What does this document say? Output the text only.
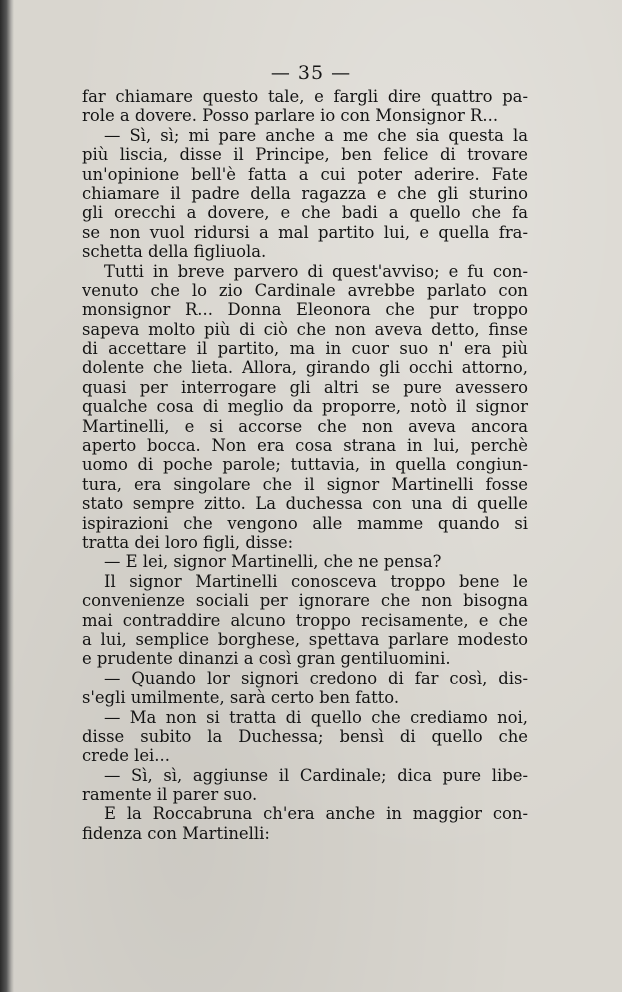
— 35 —
far chiamare questo tale, e fargli dire quattro pa-
role a dovere. Posso parlare io con Monsignor R...
— Sì, sì; mi pare anche a me che sia questa la
più liscia, disse il Principe, ben felice di trovare
un'opinione bell'è fatta a cui poter aderire. Fate
chiamare il padre della ragazza e che gli sturino
gli orecchi a dovere, e che badi a quello che fa
se non vuol ridursi a mal partito lui, e quella fra-
schetta della figliuola.
Tutti in breve parvero di quest'avviso; e fu con-
venuto che lo zio Cardinale avrebbe parlato con
monsignor R... Donna Eleonora che pur troppo
sapeva molto più di ciò che non aveva detto, finse
di accettare il partito, ma in cuor suo n' era più
dolente che lieta. Allora, girando gli occhi attorno,
quasi per interrogare gli altri se pure avessero
qualche cosa di meglio da proporre, notò il signor
Martinelli, e si accorse che non aveva ancora
aperto bocca. Non era cosa strana in lui, perchè
uomo di poche parole; tuttavia, in quella congiun-
tura, era singolare che il signor Martinelli fosse
stato sempre zitto. La duchessa con una di quelle
ispirazioni che vengono alle mamme quando si
tratta dei loro figli, disse:
— E lei, signor Martinelli, che ne pensa?
Il signor Martinelli conosceva troppo bene le
convenienze sociali per ignorare che non bisogna
mai contraddire alcuno troppo recisamente, e che
a lui, semplice borghese, spettava parlare modesto
e prudente dinanzi a così gran gentiluomini.
— Quando lor signori credono di far così, dis-
s'egli umilmente, sarà certo ben fatto.
— Ma non si tratta di quello che crediamo noi,
disse subito la Duchessa; bensì di quello che
crede lei...
— Sì, sì, aggiunse il Cardinale; dica pure libe-
ramente il parer suo.
E la Roccabruna ch'era anche in maggior con-
fidenza con Martinelli:
